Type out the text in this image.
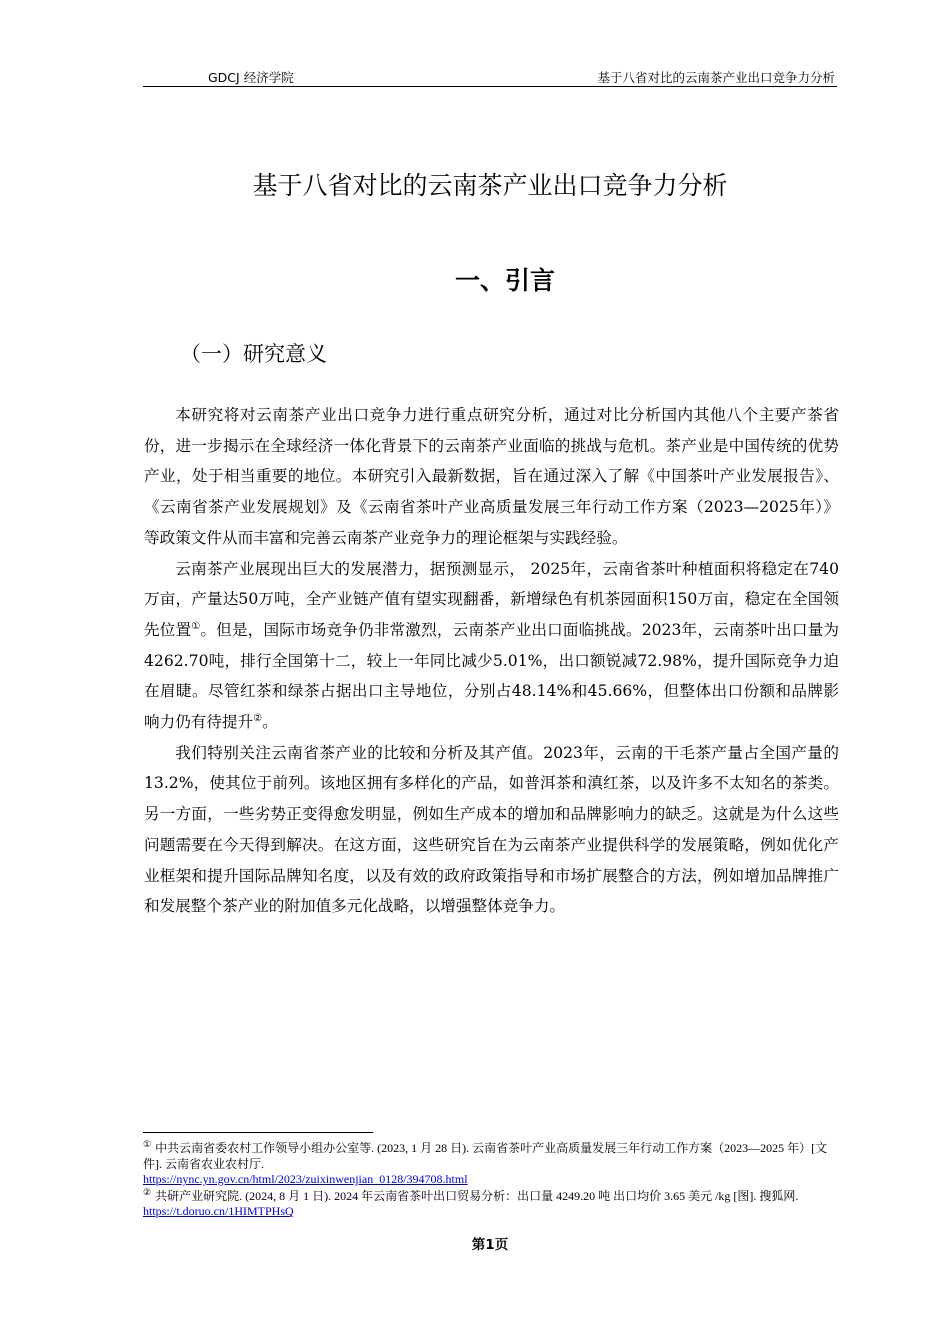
GDCJ 经济学院	基于八省对比的云南茶产业出口竞争力分析
基于八省对比的云南茶产业出口竞争力分析
一、引言
（一）研究意义

本研究将对云南茶产业出口竞争力进行重点研究分析，通过对比分析国内其他八个主要产茶省份，进一步揭示在全球经济一体化背景下的云南茶产业面临的挑战与危机。茶产业是中国传统的优势产业，处于相当重要的地位。本研究引入最新数据，旨在通过深入了解《中国茶叶产业发展报告》、《云南省茶产业发展规划》及《云南省茶叶产业高质量发展三年行动工作方案（2023—2025年）》等政策文件从而丰富和完善云南茶产业竞争力的理论框架与实践经验。

云南茶产业展现出巨大的发展潜力，据预测显示， 2025年，云南省茶叶种植面积将稳定在740万亩，产量达50万吨，全产业链产值有望实现翻番，新增绿色有机茶园面积150万亩，稳定在全国领先位置①。但是，国际市场竞争仍非常激烈，云南茶产业出口面临挑战。2023年，云南茶叶出口量为4262.70吨，排行全国第十二，较上一年同比减少5.01%，出口额锐减72.98%，提升国际竞争力迫在眉睫。尽管红茶和绿茶占据出口主导地位，分别占48.14%和45.66%，但整体出口份额和品牌影响力仍有待提升②。

我们特别关注云南省茶产业的比较和分析及其产值。2023年，云南的干毛茶产量占全国产量的13.2%，使其位于前列。该地区拥有多样化的产品，如普洱茶和滇红茶，以及许多不太知名的茶类。另一方面，一些劣势正变得愈发明显，例如生产成本的增加和品牌影响力的缺乏。这就是为什么这些问题需要在今天得到解决。在这方面，这些研究旨在为云南茶产业提供科学的发展策略，例如优化产业框架和提升国际品牌知名度，以及有效的政府政策指导和市场扩展整合的方法，例如增加品牌推广和发展整个茶产业的附加值多元化战略，以增强整体竞争力。

① 中共云南省委农村工作领导小组办公室等. (2023, 1 月 28 日). 云南省茶叶产业高质量发展三年行动工作方案（2023—2025 年）[文件]. 云南省农业农村厅.
https://nync.yn.gov.cn/html/2023/zuixinwenjian_0128/394708.html
② 共研产业研究院. (2024, 8 月 1 日). 2024 年云南省茶叶出口贸易分析：出口量 4249.20 吨 出口均价 3.65 美元 /kg [图]. 搜狐网. https://t.doruo.cn/1HIMTPHsQ
第1页
